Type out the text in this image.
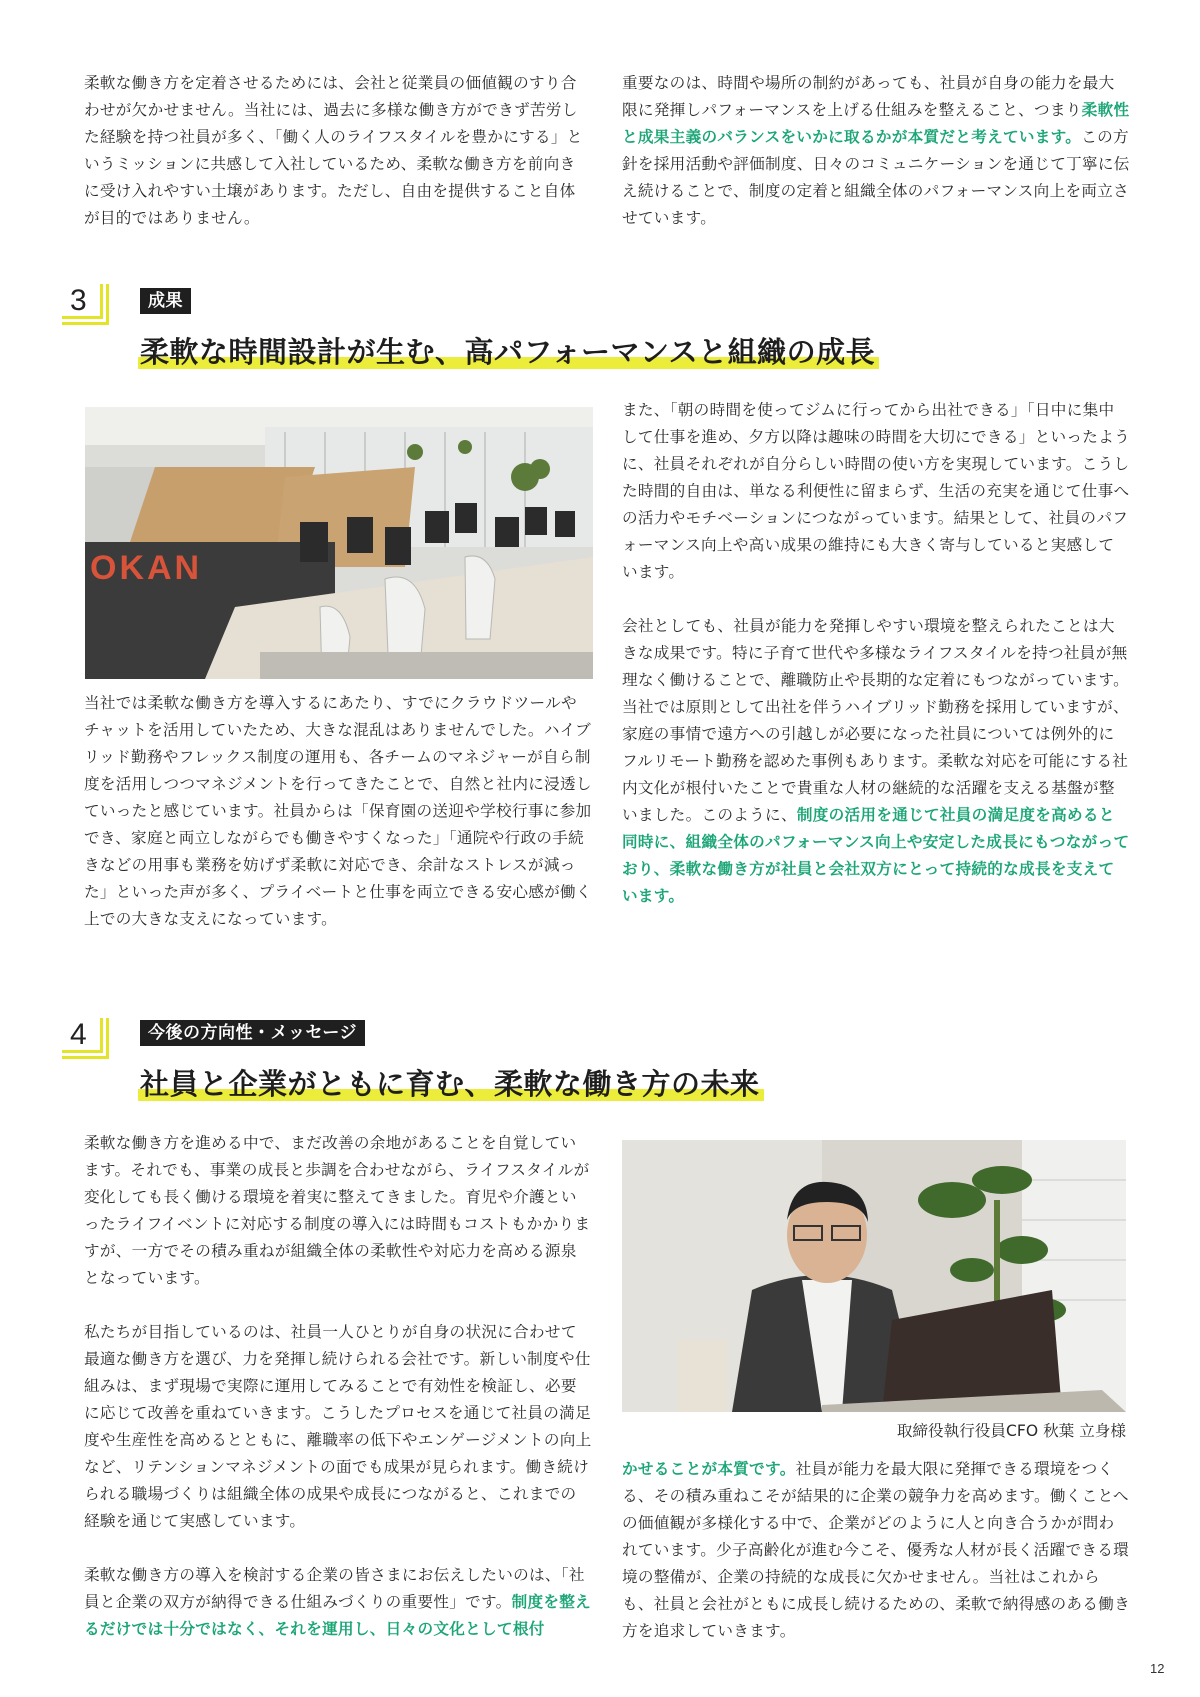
柔軟な働き方を定着させるためには、会社と従業員の価値観のすり合わせが欠かせません。当社には、過去に多様な働き方ができず苦労した経験を持つ社員が多く、「働く人のライフスタイルを豊かにする」というミッションに共感して入社しているため、柔軟な働き方を前向きに受け入れやすい土壌があります。ただし、自由を提供すること自体が目的ではありません。

重要なのは、時間や場所の制約があっても、社員が自身の能力を最大限に発揮しパフォーマンスを上げる仕組みを整えること、つまり柔軟性と成果主義のバランスをいかに取るかが本質だと考えています。この方針を採用活動や評価制度、日々のコミュニケーションを通じて丁寧に伝え続けることで、制度の定着と組織全体のパフォーマンス向上を両立させています。

3	成果
柔軟な時間設計が生む、高パフォーマンスと組織の成長
OKAN

当社では柔軟な働き方を導入するにあたり、すでにクラウドツールやチャットを活用していたため、大きな混乱はありませんでした。ハイブリッド勤務やフレックス制度の運用も、各チームのマネジャーが自ら制度を活用しつつマネジメントを行ってきたことで、自然と社内に浸透していったと感じています。社員からは「保育園の送迎や学校行事に参加でき、家庭と両立しながらでも働きやすくなった」「通院や行政の手続きなどの用事も業務を妨げず柔軟に対応でき、余計なストレスが減った」といった声が多く、プライベートと仕事を両立できる安心感が働く上での大きな支えになっています。

また、「朝の時間を使ってジムに行ってから出社できる」「日中に集中して仕事を進め、夕方以降は趣味の時間を大切にできる」といったように、社員それぞれが自分らしい時間の使い方を実現しています。こうした時間的自由は、単なる利便性に留まらず、生活の充実を通じて仕事への活力やモチベーションにつながっています。結果として、社員のパフォーマンス向上や高い成果の維持にも大きく寄与していると実感しています。

会社としても、社員が能力を発揮しやすい環境を整えられたことは大きな成果です。特に子育て世代や多様なライフスタイルを持つ社員が無理なく働けることで、離職防止や長期的な定着にもつながっています。当社では原則として出社を伴うハイブリッド勤務を採用していますが、家庭の事情で遠方への引越しが必要になった社員については例外的にフルリモート勤務を認めた事例もあります。柔軟な対応を可能にする社内文化が根付いたことで貴重な人材の継続的な活躍を支える基盤が整いました。このように、制度の活用を通じて社員の満足度を高めると同時に、組織全体のパフォーマンス向上や安定した成長にもつながっており、柔軟な働き方が社員と会社双方にとって持続的な成長を支えています。

4	今後の方向性・メッセージ
社員と企業がともに育む、柔軟な働き方の未来

柔軟な働き方を進める中で、まだ改善の余地があることを自覚しています。それでも、事業の成長と歩調を合わせながら、ライフスタイルが変化しても長く働ける環境を着実に整えてきました。育児や介護といったライフイベントに対応する制度の導入には時間もコストもかかりますが、一方でその積み重ねが組織全体の柔軟性や対応力を高める源泉となっています。

私たちが目指しているのは、社員一人ひとりが自身の状況に合わせて最適な働き方を選び、力を発揮し続けられる会社です。新しい制度や仕組みは、まず現場で実際に運用してみることで有効性を検証し、必要に応じて改善を重ねていきます。こうしたプロセスを通じて社員の満足度や生産性を高めるとともに、離職率の低下やエンゲージメントの向上など、リテンションマネジメントの面でも成果が見られます。働き続けられる職場づくりは組織全体の成果や成長につながると、これまでの経験を通じて実感しています。

柔軟な働き方の導入を検討する企業の皆さまにお伝えしたいのは、「社員と企業の双方が納得できる仕組みづくりの重要性」です。制度を整えるだけでは十分ではなく、それを運用し、日々の文化として根付

取締役執行役員CFO 秋葉 立身様

かせることが本質です。社員が能力を最大限に発揮できる環境をつくる、その積み重ねこそが結果的に企業の競争力を高めます。働くことへの価値観が多様化する中で、企業がどのように人と向き合うかが問われています。少子高齢化が進む今こそ、優秀な人材が長く活躍できる環境の整備が、企業の持続的な成長に欠かせません。当社はこれからも、社員と会社がともに成長し続けるための、柔軟で納得感のある働き方を追求していきます。

12
